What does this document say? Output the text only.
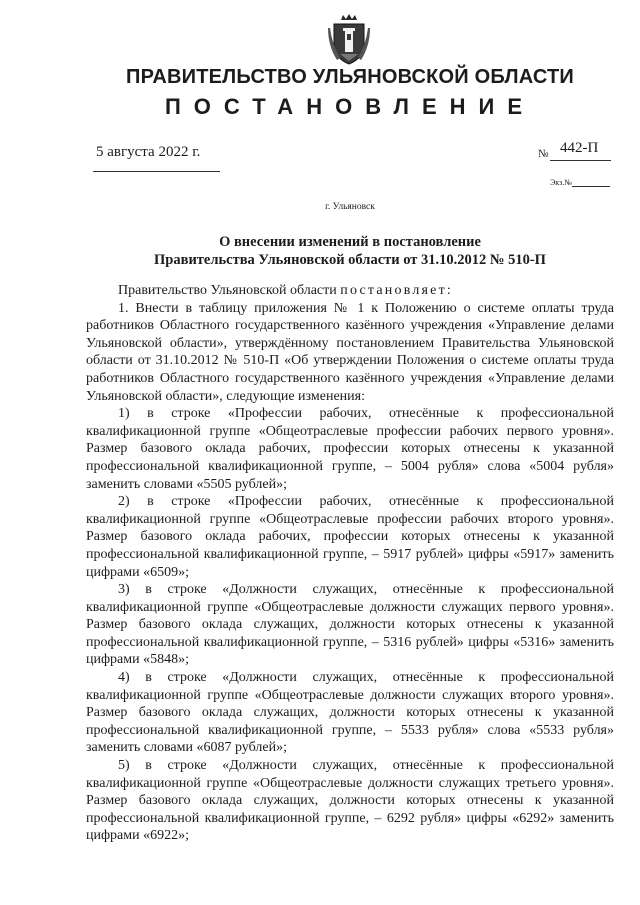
ПРАВИТЕЛЬСТВО УЛЬЯНОВСКОЙ ОБЛАСТИ
ПОСТАНОВЛЕНИЕ
5 августа 2022 г.	№ 442-П
Экз.№
г. Ульяновск
О внесении изменений в постановление
Правительства Ульяновской области от 31.10.2012 № 510-П

Правительство Ульяновской области постановляет:

1. Внести в таблицу приложения № 1 к Положению о системе оплаты труда работников Областного государственного казённого учреждения «Управление делами Ульяновской области», утверждённому постановлением Правительства Ульяновской области от 31.10.2012 № 510-П «Об утверждении Положения о системе оплаты труда работников Областного государственного казённого учреждения «Управление делами Ульяновской области», следующие изменения:

1) в строке «Профессии рабочих, отнесённые к профессиональной квалификационной группе «Общеотраслевые профессии рабочих первого уровня». Размер базового оклада рабочих, профессии которых отнесены к указанной профессиональной квалификационной группе, – 5004 рубля» слова «5004 рубля» заменить словами «5505 рублей»;

2) в строке «Профессии рабочих, отнесённые к профессиональной квалификационной группе «Общеотраслевые профессии рабочих второго уровня». Размер базового оклада рабочих, профессии которых отнесены к указанной профессиональной квалификационной группе, – 5917 рублей» цифры «5917» заменить цифрами «6509»;

3) в строке «Должности служащих, отнесённые к профессиональной квалификационной группе «Общеотраслевые должности служащих первого уровня». Размер базового оклада служащих, должности которых отнесены к указанной профессиональной квалификационной группе, – 5316 рублей» цифры «5316» заменить цифрами «5848»;

4) в строке «Должности служащих, отнесённые к профессиональной квалификационной группе «Общеотраслевые должности служащих второго уровня». Размер базового оклада служащих, должности которых отнесены к указанной профессиональной квалификационной группе, – 5533 рубля» слова «5533 рубля» заменить словами «6087 рублей»;

5) в строке «Должности служащих, отнесённые к профессиональной квалификационной группе «Общеотраслевые должности служащих третьего уровня». Размер базового оклада служащих, должности которых отнесены к указанной профессиональной квалификационной группе, – 6292 рубля» цифры «6292» заменить цифрами «6922»;
